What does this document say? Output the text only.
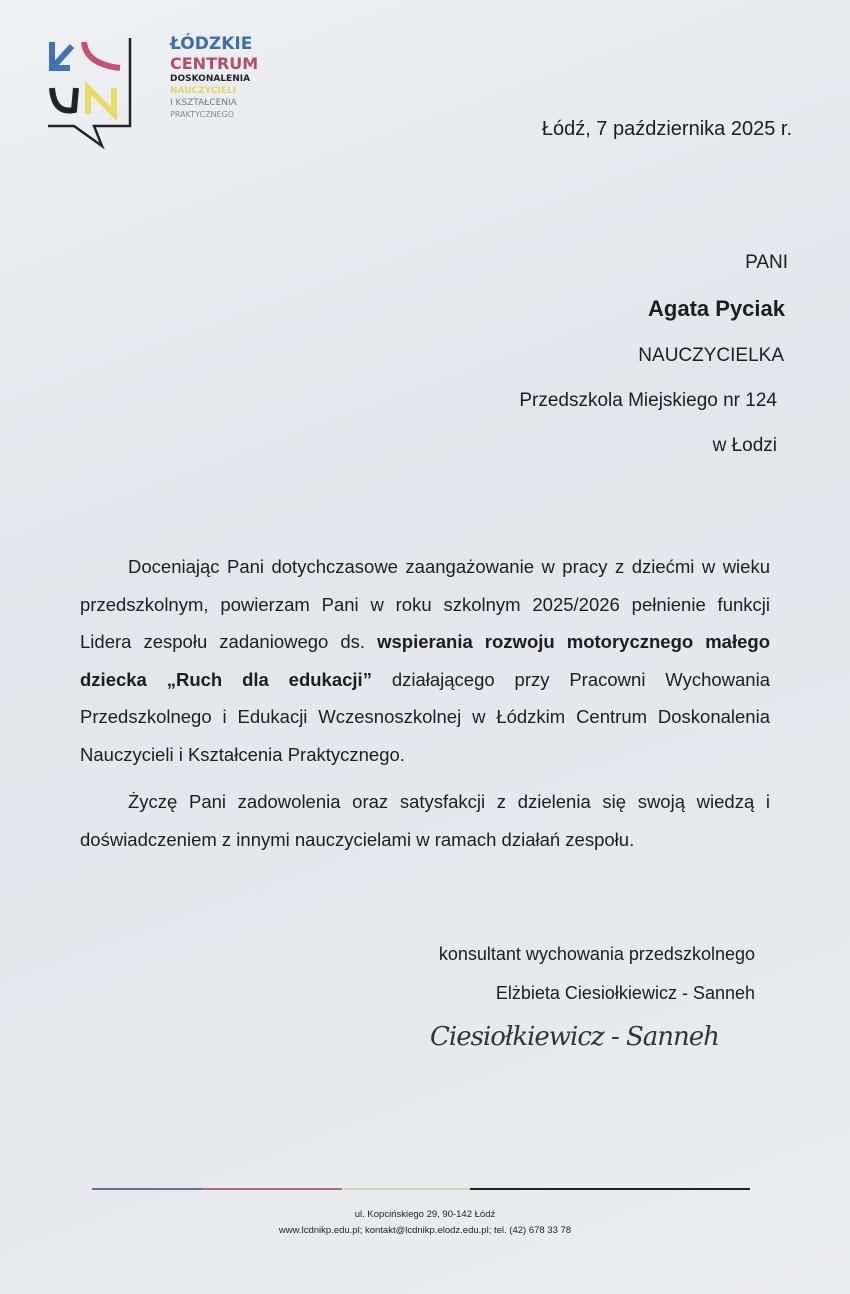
ŁÓDZKIE
CENTRUM
DOSKONALENIA
NAUCZYCIELI
I KSZTAŁCENIA
PRAKTYCZNEGO
Łódź, 7 października 2025 r.
PANI
Agata Pyciak
NAUCZYCIELKA
Przedszkola Miejskiego nr 124
w Łodzi

Doceniając Pani dotychczasowe zaangażowanie w pracy z dziećmi w wieku przedszkolnym, powierzam Pani w roku szkolnym 2025/2026 pełnienie funkcji Lidera zespołu zadaniowego ds. wspierania rozwoju motorycznego małego dziecka „Ruch dla edukacji” działającego przy Pracowni Wychowania Przedszkolnego i Edukacji Wczesnoszkolnej w Łódzkim Centrum Doskonalenia Nauczycieli i Kształcenia Praktycznego.

Życzę Pani zadowolenia oraz satysfakcji z dzielenia się swoją wiedzą i doświadczeniem z innymi nauczycielami w ramach działań zespołu.

konsultant wychowania przedszkolnego
Elżbieta Ciesiołkiewicz - Sanneh
Ciesiołkiewicz - Sanneh
ul. Kopcińskiego 29, 90-142 Łódź
www.lcdnikp.edu.pl; kontakt@lcdnikp.elodz.edu.pl; tel. (42) 678 33 78
